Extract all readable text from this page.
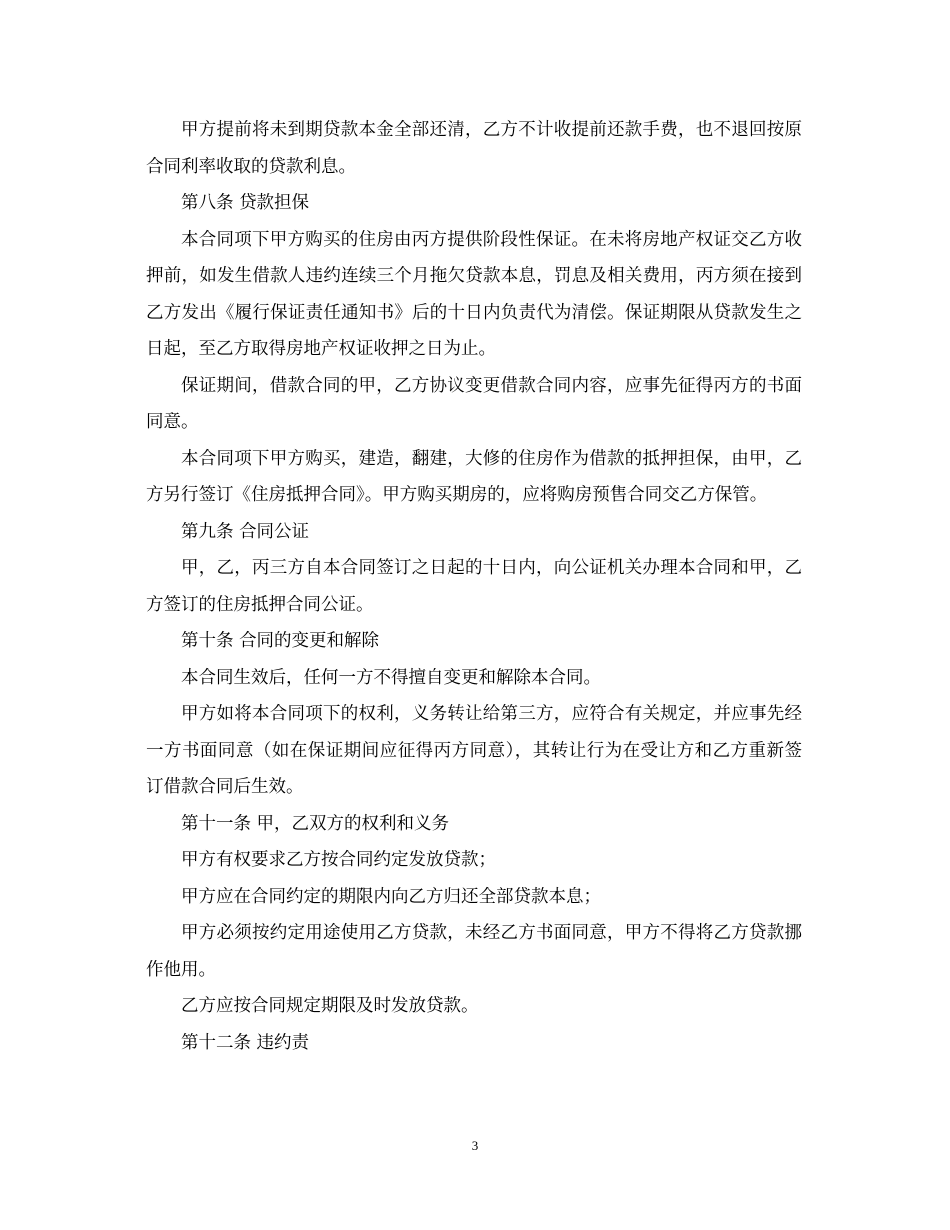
甲方提前将未到期贷款本金全部还清，乙方不计收提前还款手费，也不退回按原合同利率收取的贷款利息。

第八条 贷款担保

本合同项下甲方购买的住房由丙方提供阶段性保证。在未将房地产权证交乙方收押前，如发生借款人违约连续三个月拖欠贷款本息，罚息及相关费用，丙方须在接到乙方发出《履行保证责任通知书》后的十日内负责代为清偿。保证期限从贷款发生之日起，至乙方取得房地产权证收押之日为止。

保证期间，借款合同的甲，乙方协议变更借款合同内容，应事先征得丙方的书面同意。

本合同项下甲方购买，建造，翻建，大修的住房作为借款的抵押担保，由甲，乙方另行签订《住房抵押合同》。甲方购买期房的，应将购房预售合同交乙方保管。

第九条 合同公证

甲，乙，丙三方自本合同签订之日起的十日内，向公证机关办理本合同和甲，乙方签订的住房抵押合同公证。

第十条 合同的变更和解除

本合同生效后，任何一方不得擅自变更和解除本合同。

甲方如将本合同项下的权利，义务转让给第三方，应符合有关规定，并应事先经一方书面同意（如在保证期间应征得丙方同意），其转让行为在受让方和乙方重新签订借款合同后生效。

第十一条 甲，乙双方的权利和义务

甲方有权要求乙方按合同约定发放贷款；

甲方应在合同约定的期限内向乙方归还全部贷款本息；

甲方必须按约定用途使用乙方贷款，未经乙方书面同意，甲方不得将乙方贷款挪作他用。

乙方应按合同规定期限及时发放贷款。

第十二条 违约责

3
